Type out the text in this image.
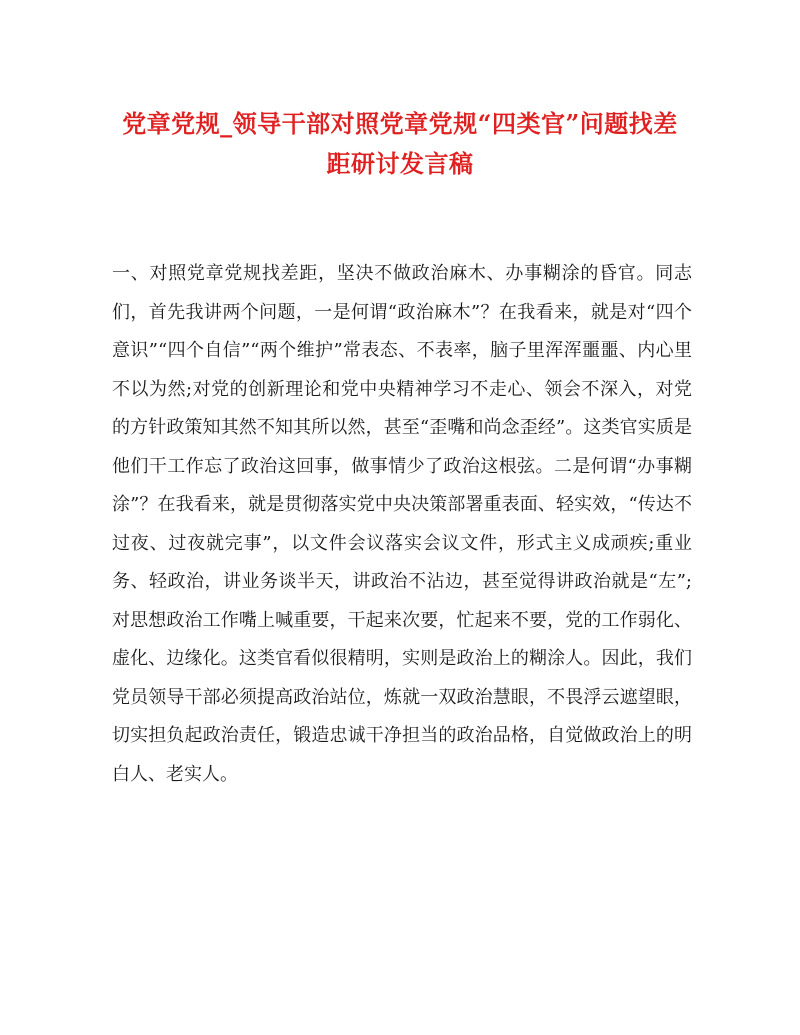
党章党规_领导干部对照党章党规“四类官”问题找差距研讨发言稿

一、对照党章党规找差距，坚决不做政治麻木、办事糊涂的昏官。同志们，首先我讲两个问题，一是何谓“政治麻木”？在我看来，就是对“四个意识”“四个自信”“两个维护”常表态、不表率，脑子里浑浑噩噩、内心里不以为然;对党的创新理论和党中央精神学习不走心、领会不深入，对党的方针政策知其然不知其所以然，甚至“歪嘴和尚念歪经”。这类官实质是他们干工作忘了政治这回事，做事情少了政治这根弦。二是何谓“办事糊涂”？在我看来，就是贯彻落实党中央决策部署重表面、轻实效，“传达不过夜、过夜就完事”，以文件会议落实会议文件，形式主义成顽疾;重业务、轻政治，讲业务谈半天，讲政治不沾边，甚至觉得讲政治就是“左”;对思想政治工作嘴上喊重要，干起来次要，忙起来不要，党的工作弱化、虚化、边缘化。这类官看似很精明，实则是政治上的糊涂人。因此，我们党员领导干部必须提高政治站位，炼就一双政治慧眼，不畏浮云遮望眼，切实担负起政治责任，锻造忠诚干净担当的政治品格，自觉做政治上的明白人、老实人。
